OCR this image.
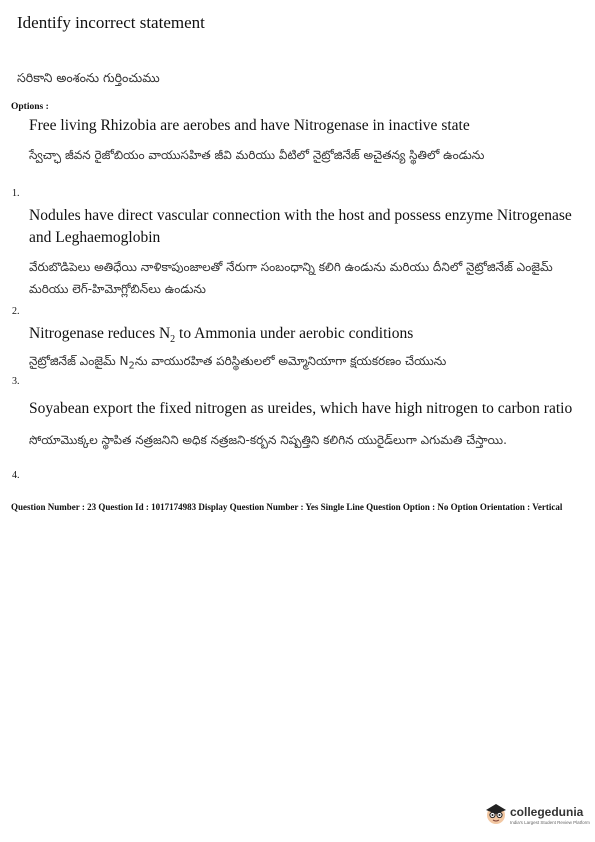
Identify incorrect statement
సరికాని అంశంను గుర్తించుము
Options :
Free living Rhizobia are aerobes and have Nitrogenase in inactive state
స్వేచ్ఛా జీవన రైజోబియం వాయుసహిత జీవి మరియు వీటిలో నైట్రోజినేజ్ అచైతన్య స్థితిలో ఉండును
1.
Nodules have direct vascular connection with the host and possess enzyme Nitrogenase and Leghaemoglobin
వేరుబొడిపెలు అతిధేయి నాళికాపుంజాలతో నేరుగా సంబంధాన్ని కలిగి ఉండును మరియు దీనిలో నైట్రోజినేజ్ ఎంజైమ్ మరియు లెగ్-హిమోగ్లోబిన్‌లు ఉండును
2.
Nitrogenase reduces $N_2$ to Ammonia under aerobic conditions
నైట్రోజినేజ్ ఎంజైమ్ $N_2ను$ వాయురహిత పరిస్థితులలో అమ్మోనియాగా క్షయకరణం చేయును
3.
Soyabean export the fixed nitrogen as ureides, which have high nitrogen to carbon ratio
సోయామొక్కల స్థాపిత నత్రజనిని అధిక నత్రజని-కర్బన నిష్పత్తిని కలిగిన యురైడ్‌లుగా ఎగుమతి చేస్తాయి.
4.
Question Number : 23 Question Id : 1017174983 Display Question Number : Yes Single Line Question Option : No Option Orientation : Vertical
collegedunia
India's Largest Student Review Platform
